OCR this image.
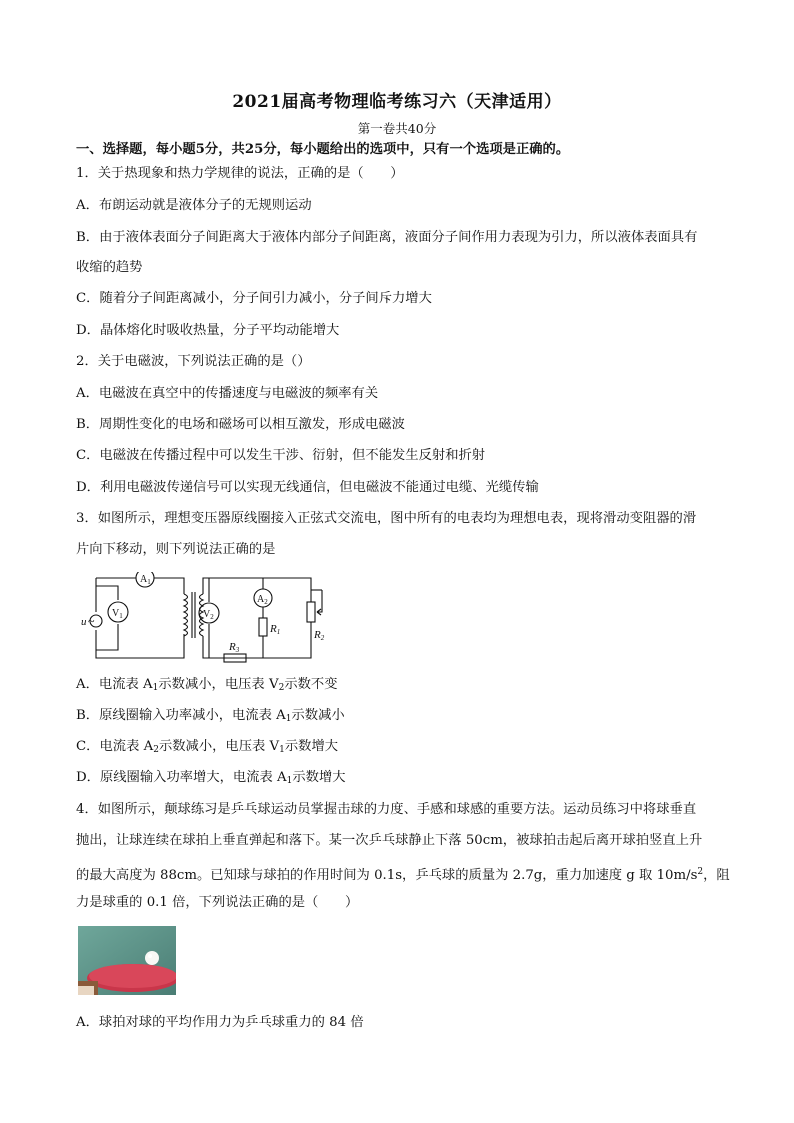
2021届高考物理临考练习六（天津适用）
第一卷共40分
一、选择题，每小题5分，共25分，每小题给出的选项中，只有一个选项是正确的。
1．关于热现象和热力学规律的说法，正确的是（　　）
A．布朗运动就是液体分子的无规则运动
B．由于液体表面分子间距离大于液体内部分子间距离，液面分子间作用力表现为引力，所以液体表面具有
收缩的趋势
C．随着分子间距离减小，分子间引力减小，分子间斥力增大
D．晶体熔化时吸收热量，分子平均动能增大
2．关于电磁波，下列说法正确的是（）
A．电磁波在真空中的传播速度与电磁波的频率有关
B．周期性变化的电场和磁场可以相互激发，形成电磁波
C．电磁波在传播过程中可以发生干涉、衍射，但不能发生反射和折射
D．利用电磁波传递信号可以实现无线通信，但电磁波不能通过电缆、光缆传输
3．如图所示，理想变压器原线圈接入正弦式交流电，图中所有的电表均为理想电表，现将滑动变阻器的滑
片向下移动，则下列说法正确的是
u ~
$A_1$
$V_1$	$V_2$
$A_2$
R1	R2
R3
A．电流表 $A_1$示数减小，电压表 $V_2$示数不变
B．原线圈输入功率减小，电流表 $A_1$示数减小
C．电流表 $A_2$示数减小，电压表 $V_1$示数增大
D．原线圈输入功率增大，电流表 $A_1$示数增大
4．如图所示，颠球练习是乒乓球运动员掌握击球的力度、手感和球感的重要方法。运动员练习中将球垂直
抛出，让球连续在球拍上垂直弹起和落下。某一次乒乓球静止下落 50cm，被球拍击起后离开球拍竖直上升
的最大高度为 88cm。已知球与球拍的作用时间为 0.1s，乒乓球的质量为 2.7g，重力加速度 g 取 $10m/s^2$，阻
力是球重的 0.1 倍，下列说法正确的是（　　）
A．球拍对球的平均作用力为乒乓球重力的 84 倍
